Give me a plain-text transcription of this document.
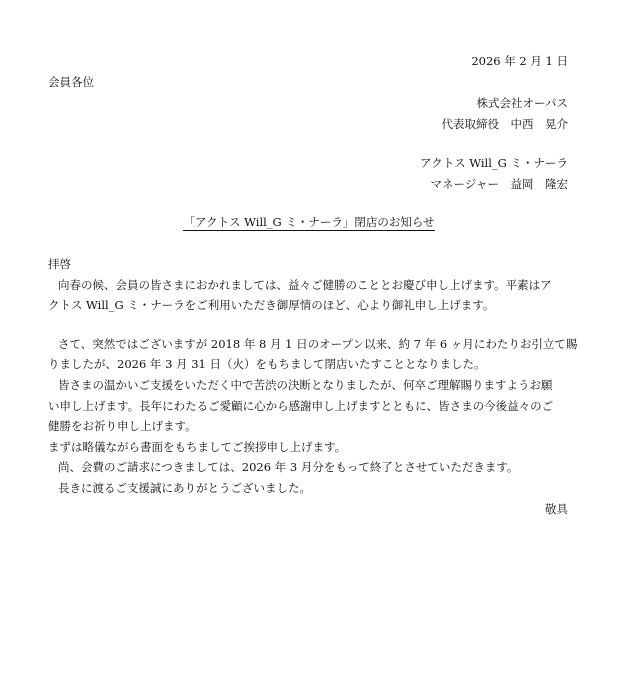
2026 年 2 月 1 日
会員各位
株式会社オーパス
代表取締役　中西　晃介
アクトス Will_G ミ・ナーラ
マネージャー　益岡　隆宏
「アクトス Will_G ミ・ナーラ」閉店のお知らせ
拝啓
向春の候、会員の皆さまにおかれましては、益々ご健勝のこととお慶び申し上げます。平素はア
クトス Will_G ミ・ナーラをご利用いただき御厚情のほど、心より御礼申し上げます。
さて、突然ではございますが 2018 年 8 月 1 日のオープン以来、約 7 年 6 ヶ月にわたりお引立て賜
りましたが、2026 年 3 月 31 日（火）をもちまして閉店いたすこととなりました。
皆さまの温かいご支援をいただく中で苦渋の決断となりましたが、何卒ご理解賜りますようお願
い申し上げます。長年にわたるご愛顧に心から感謝申し上げますとともに、皆さまの今後益々のご
健勝をお祈り申し上げます。
まずは略儀ながら書面をもちましてご挨拶申し上げます。
尚、会費のご請求につきましては、2026 年 3 月分をもって終了とさせていただきます。
長きに渡るご支援誠にありがとうございました。
敬具
